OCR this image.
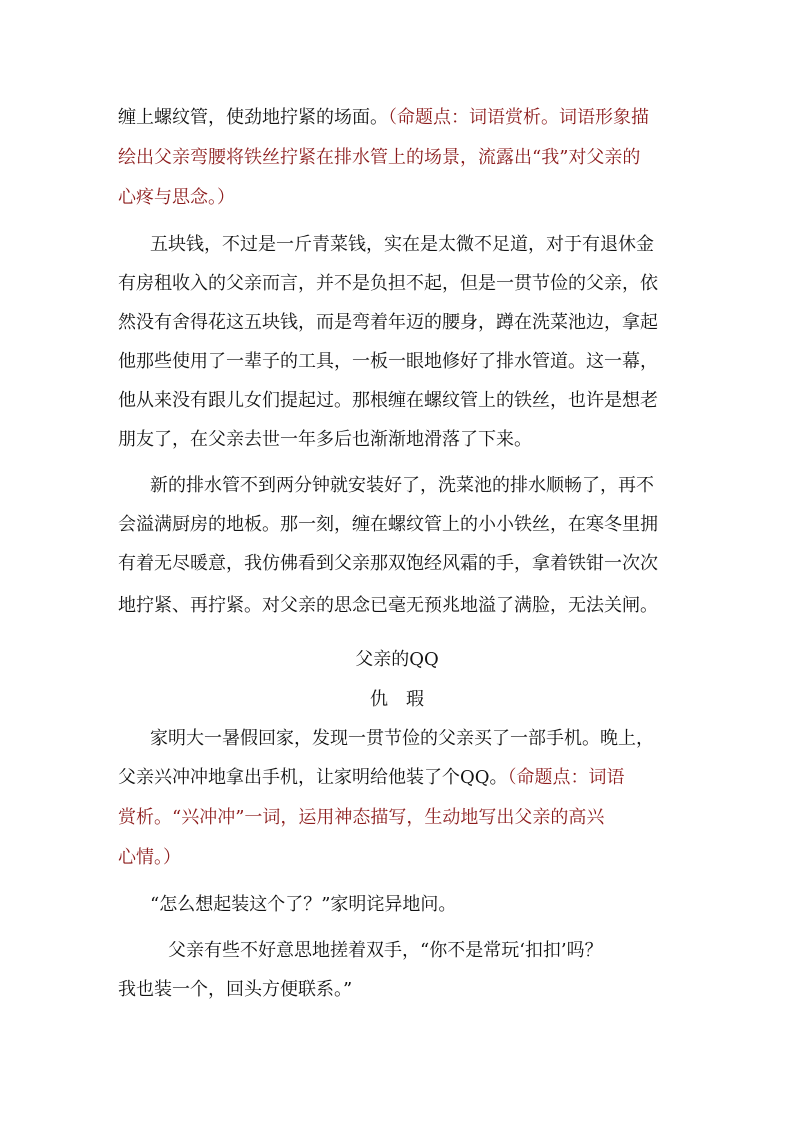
缠上螺纹管，使劲地拧紧的场面。（命题点：词语赏析。词语形象描
绘出父亲弯腰将铁丝拧紧在排水管上的场景，流露出“我”对父亲的
心疼与思念。）
五块钱，不过是一斤青菜钱，实在是太微不足道，对于有退休金
有房租收入的父亲而言，并不是负担不起，但是一贯节俭的父亲，依
然没有舍得花这五块钱，而是弯着年迈的腰身，蹲在洗菜池边，拿起
他那些使用了一辈子的工具，一板一眼地修好了排水管道。这一幕，
他从来没有跟儿女们提起过。那根缠在螺纹管上的铁丝，也许是想老
朋友了，在父亲去世一年多后也渐渐地滑落了下来。
新的排水管不到两分钟就安装好了，洗菜池的排水顺畅了，再不
会溢满厨房的地板。那一刻，缠在螺纹管上的小小铁丝，在寒冬里拥
有着无尽暖意，我仿佛看到父亲那双饱经风霜的手，拿着铁钳一次次
地拧紧、再拧紧。对父亲的思念已毫无预兆地溢了满脸，无法关闸。
父亲的QQ
仇　瑕
家明大一暑假回家，发现一贯节俭的父亲买了一部手机。晚上，
父亲兴冲冲地拿出手机，让家明给他装了个QQ。（命题点：词语
赏析。“兴冲冲”一词，运用神态描写，生动地写出父亲的高兴
心情。）
“怎么想起装这个了？”家明诧异地问。
父亲有些不好意思地搓着双手，“你不是常玩‘扣扣’吗？
我也装一个，回头方便联系。”
